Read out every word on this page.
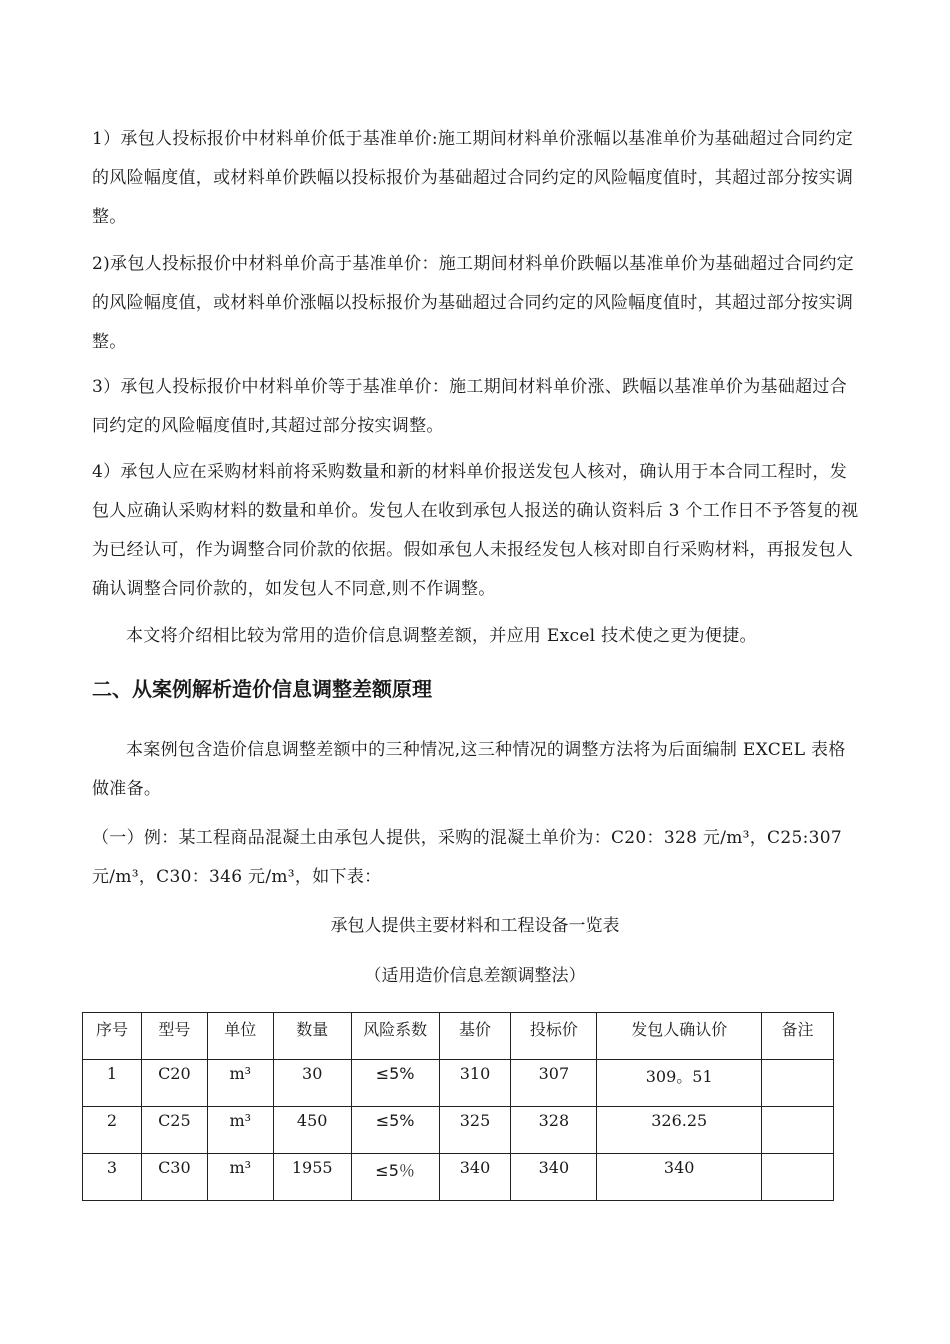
1）承包人投标报价中材料单价低于基准单价:施工期间材料单价涨幅以基准单价为基础超过合同约定的风险幅度值，或材料单价跌幅以投标报价为基础超过合同约定的风险幅度值时，其超过部分按实调整。

2)承包人投标报价中材料单价高于基准单价：施工期间材料单价跌幅以基准单价为基础超过合同约定的风险幅度值，或材料单价涨幅以投标报价为基础超过合同约定的风险幅度值时，其超过部分按实调整。

3）承包人投标报价中材料单价等于基准单价：施工期间材料单价涨、跌幅以基准单价为基础超过合同约定的风险幅度值时,其超过部分按实调整。

4）承包人应在采购材料前将采购数量和新的材料单价报送发包人核对，确认用于本合同工程时，发包人应确认采购材料的数量和单价。发包人在收到承包人报送的确认资料后 3 个工作日不予答复的视为已经认可，作为调整合同价款的依据。假如承包人未报经发包人核对即自行采购材料，再报发包人确认调整合同价款的，如发包人不同意,则不作调整。

本文将介绍相比较为常用的造价信息调整差额，并应用 Excel 技术使之更为便捷。

二、从案例解析造价信息调整差额原理

本案例包含造价信息调整差额中的三种情况,这三种情况的调整方法将为后面编制 EXCEL 表格做准备。

（一）例：某工程商品混凝土由承包人提供，采购的混凝土单价为：C20：328 元/m³，C25:307 元/m³，C30：346 元/m³，如下表：

承包人提供主要材料和工程设备一览表

（适用造价信息差额调整法）

序号	型号	单位	数量	风险系数	基价	投标价	发包人确认价	备注
1	C20	m³	30	≤5%	310	307	309。51	
2	C25	m³	450	≤5%	325	328	326.25	
3	C30	m³	1955	≤5％	340	340	340	
